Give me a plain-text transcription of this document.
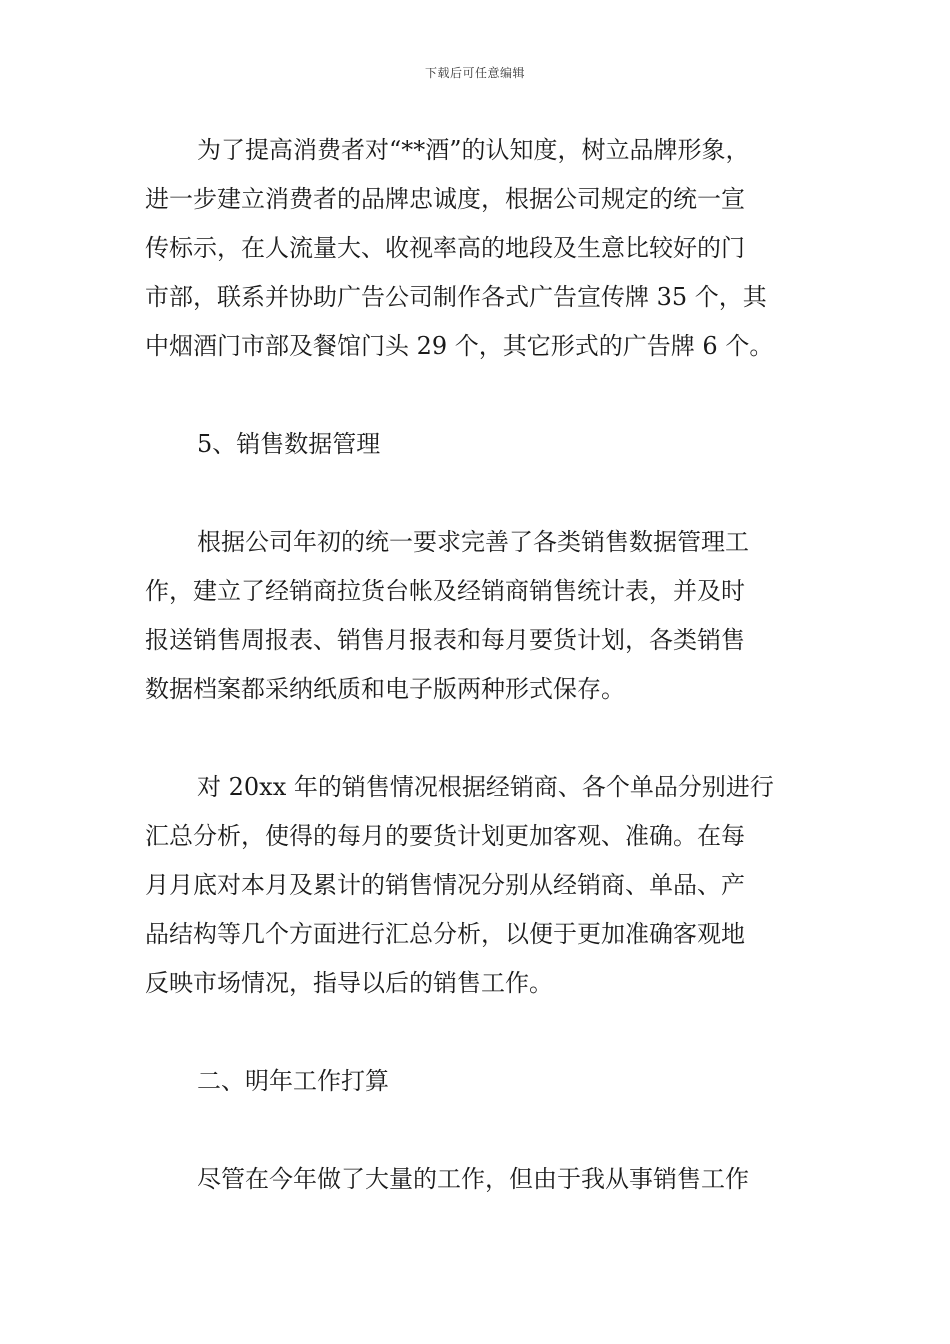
下载后可任意编辑
为了提高消费者对“**酒”的认知度，树立品牌形象，
进一步建立消费者的品牌忠诚度，根据公司规定的统一宣
传标示，在人流量大、收视率高的地段及生意比较好的门
市部，联系并协助广告公司制作各式广告宣传牌 35 个，其
中烟酒门市部及餐馆门头 29 个，其它形式的广告牌 6 个。
5、销售数据管理
根据公司年初的统一要求完善了各类销售数据管理工
作，建立了经销商拉货台帐及经销商销售统计表，并及时
报送销售周报表、销售月报表和每月要货计划，各类销售
数据档案都采纳纸质和电子版两种形式保存。
对 20xx 年的销售情况根据经销商、各个单品分别进行
汇总分析，使得的每月的要货计划更加客观、准确。在每
月月底对本月及累计的销售情况分别从经销商、单品、产
品结构等几个方面进行汇总分析，以便于更加准确客观地
反映市场情况，指导以后的销售工作。
二、明年工作打算
尽管在今年做了大量的工作，但由于我从事销售工作
